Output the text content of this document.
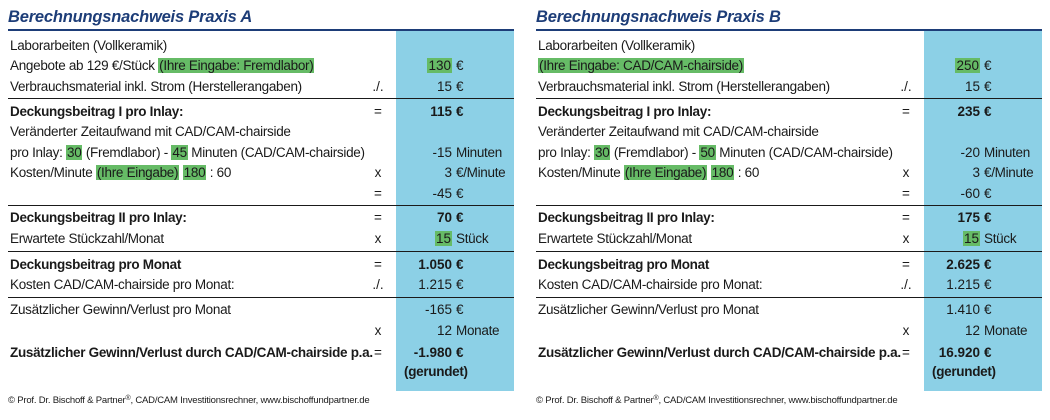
Berechnungsnachweis Praxis A
Laborarbeiten (Vollkeramik)
Angebote ab 129 €/Stück (Ihre Eingabe: Fremdlabor)	130 €
Verbrauchsmaterial inkl. Strom (Herstellerangaben)	./.	15 €
Deckungsbeitrag I pro Inlay:	=	115 €
Veränderter Zeitaufwand mit CAD/CAM-chairside
pro Inlay: 30 (Fremdlabor) - 45 Minuten (CAD/CAM-chairside)	-15 Minuten
Kosten/Minute (Ihre Eingabe) 180 : 60	x	3 €/Minute
=	-45 €
Deckungsbeitrag II pro Inlay:	=	70 €
Erwartete Stückzahl/Monat	x	15 Stück
Deckungsbeitrag pro Monat	=	1.050 €
Kosten CAD/CAM-chairside pro Monat:	./.	1.215 €
Zusätzlicher Gewinn/Verlust pro Monat	-165 €
x	12 Monate
Zusätzlicher Gewinn/Verlust durch CAD/CAM-chairside p.a. =	-1.980 €
(gerundet)
© Prof. Dr. Bischoff & Partner®, CAD/CAM Investitionsrechner, www.bischoffundpartner.de
Berechnungsnachweis Praxis B
Laborarbeiten (Vollkeramik)
(Ihre Eingabe: CAD/CAM-chairside)	250 €
Verbrauchsmaterial inkl. Strom (Herstellerangaben)	./.	15 €
Deckungsbeitrag I pro Inlay:	=	235 €
Veränderter Zeitaufwand mit CAD/CAM-chairside
pro Inlay: 30 (Fremdlabor) - 50 Minuten (CAD/CAM-chairside)	-20 Minuten
Kosten/Minute (Ihre Eingabe) 180 : 60	x	3 €/Minute
=	-60 €
Deckungsbeitrag II pro Inlay:	=	175 €
Erwartete Stückzahl/Monat	x	15 Stück
Deckungsbeitrag pro Monat	=	2.625 €
Kosten CAD/CAM-chairside pro Monat:	./.	1.215 €
Zusätzlicher Gewinn/Verlust pro Monat	1.410 €
x	12 Monate
Zusätzlicher Gewinn/Verlust durch CAD/CAM-chairside p.a. =	16.920 €
(gerundet)
© Prof. Dr. Bischoff & Partner®, CAD/CAM Investitionsrechner, www.bischoffundpartner.de
